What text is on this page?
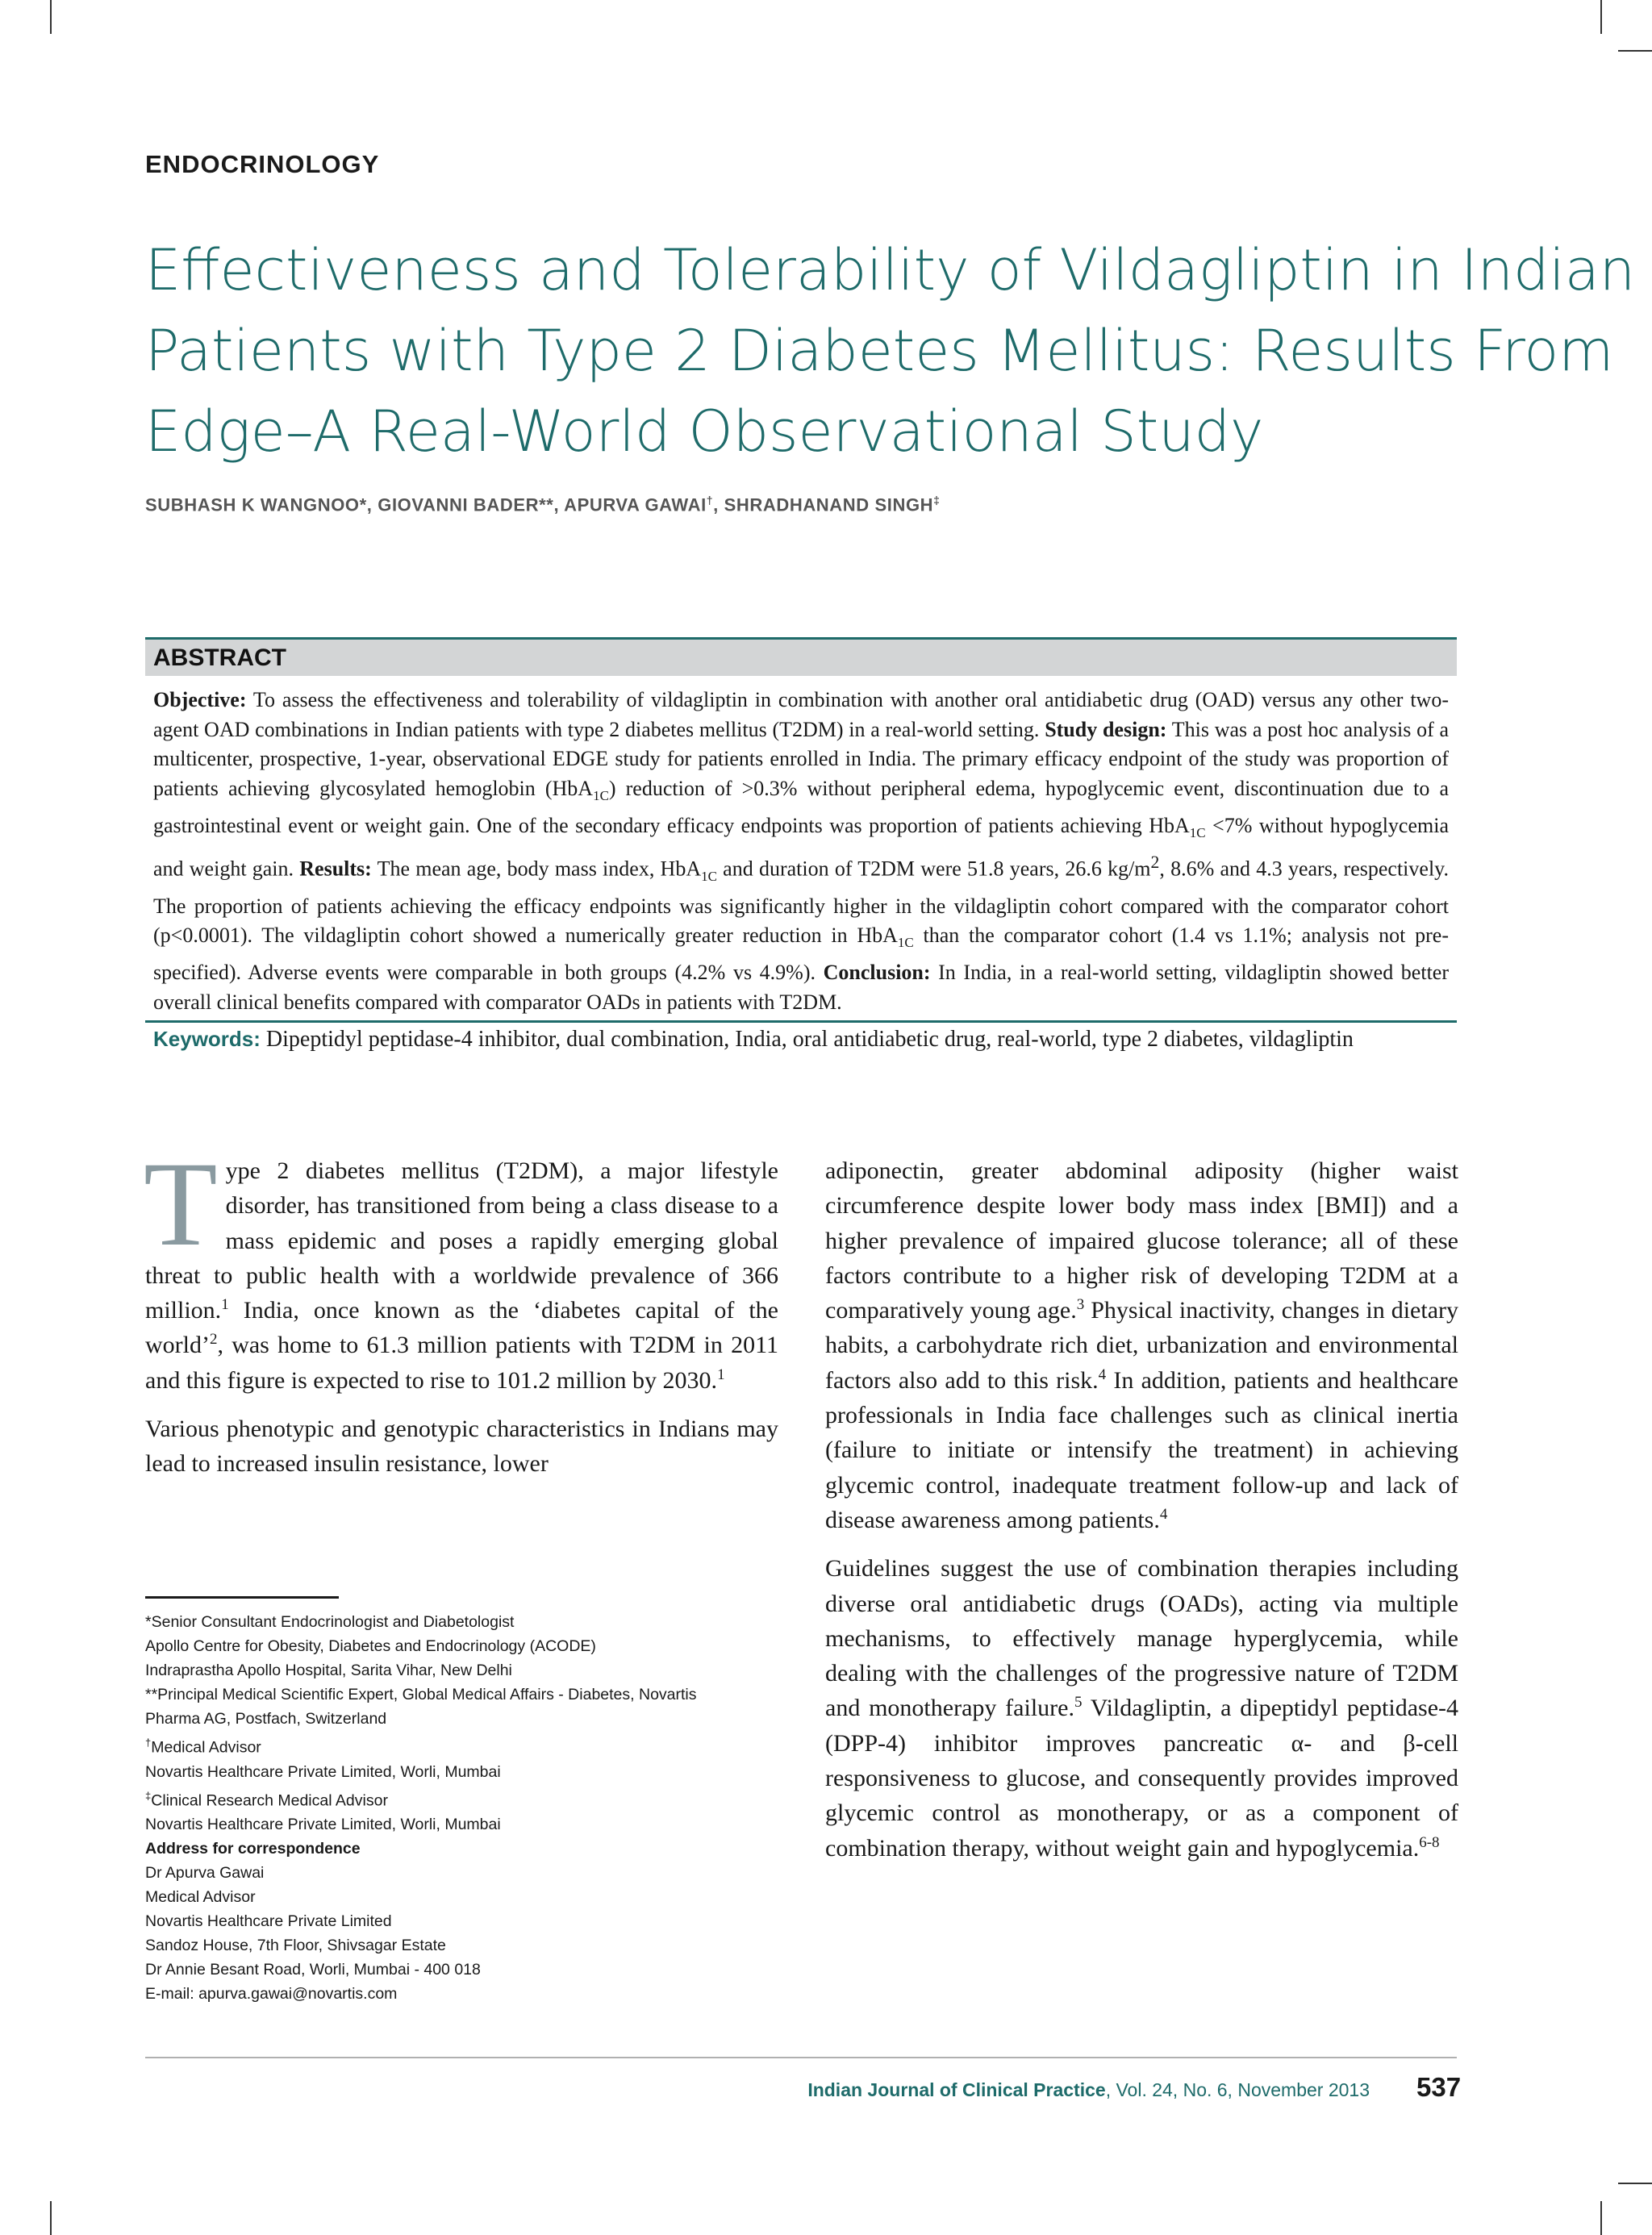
ENDOCRINOLOGY
Effectiveness and Tolerability of Vildagliptin in Indian
Patients with Type 2 Diabetes Mellitus: Results From
Edge–A Real-World Observational Study
SUBHASH K WANGNOO*, GIOVANNI BADER**, APURVA GAWAI†, SHRADHANAND SINGH‡
ABSTRACT
Objective: To assess the effectiveness and tolerability of vildagliptin in combination with another oral antidiabetic drug (OAD) versus any other two-agent OAD combinations in Indian patients with type 2 diabetes mellitus (T2DM) in a real-world setting. Study design: This was a post hoc analysis of a multicenter, prospective, 1-year, observational EDGE study for patients enrolled in India. The primary efficacy endpoint of the study was proportion of patients achieving glycosylated hemoglobin (HbA$_{1C}$) reduction of >0.3% without peripheral edema, hypoglycemic event, discontinuation due to a gastrointestinal event or weight gain. One of the secondary efficacy endpoints was proportion of patients achieving HbA$_{1C}$ <7% without hypoglycemia and weight gain. Results: The mean age, body mass index, HbA$_{1C}$ and duration of T2DM were 51.8 years, 26.6 $kg/m^2$, 8.6% and 4.3 years, respectively. The proportion of patients achieving the efficacy endpoints was significantly higher in the vildagliptin cohort compared with the comparator cohort (p<0.0001). The vildagliptin cohort showed a numerically greater reduction in HbA$_{1C}$ than the comparator cohort (1.4 vs 1.1%; analysis not pre-specified). Adverse events were comparable in both groups (4.2% vs 4.9%). Conclusion: In India, in a real-world setting, vildagliptin showed better overall clinical benefits compared with comparator OADs in patients with T2DM.
Keywords: Dipeptidyl peptidase-4 inhibitor, dual combination, India, oral antidiabetic drug, real-world, type 2 diabetes, vildagliptin

Type 2 diabetes mellitus (T2DM), a major lifestyle disorder, has transitioned from being a class disease to a mass epidemic and poses a rapidly emerging global threat to public health with a worldwide prevalence of 366 million.$^1$ India, once known as the ‘diabetes capital of the world’$^2$, was home to 61.3 million patients with T2DM in 2011 and this figure is expected to rise to 101.2 million by 2030.$^1$

Various phenotypic and genotypic characteristics in Indians may lead to increased insulin resistance, lower

adiponectin, greater abdominal adiposity (higher waist circumference despite lower body mass index [BMI]) and a higher prevalence of impaired glucose tolerance; all of these factors contribute to a higher risk of developing T2DM at a comparatively young age.$^3$ Physical inactivity, changes in dietary habits, a carbohydrate rich diet, urbanization and environmental factors also add to this risk.$^4$ In addition, patients and healthcare professionals in India face challenges such as clinical inertia (failure to initiate or intensify the treatment) in achieving glycemic control, inadequate treatment follow-up and lack of disease awareness among patients.$^4$

Guidelines suggest the use of combination therapies including diverse oral antidiabetic drugs (OADs), acting via multiple mechanisms, to effectively manage hyperglycemia, while dealing with the challenges of the progressive nature of T2DM and monotherapy failure.$^5$ Vildagliptin, a dipeptidyl peptidase-4 (DPP-4) inhibitor improves pancreatic α- and β-cell responsiveness to glucose, and consequently provides improved glycemic control as monotherapy, or as a component of combination therapy, without weight gain and hypoglycemia.$^{6-8}$

*Senior Consultant Endocrinologist and Diabetologist
Apollo Centre for Obesity, Diabetes and Endocrinology (ACODE)
Indraprastha Apollo Hospital, Sarita Vihar, New Delhi
**Principal Medical Scientific Expert, Global Medical Affairs - Diabetes, Novartis
Pharma AG, Postfach, Switzerland
†Medical Advisor
Novartis Healthcare Private Limited, Worli, Mumbai
‡Clinical Research Medical Advisor
Novartis Healthcare Private Limited, Worli, Mumbai
Address for correspondence
Dr Apurva Gawai
Medical Advisor
Novartis Healthcare Private Limited
Sandoz House, 7th Floor, Shivsagar Estate
Dr Annie Besant Road, Worli, Mumbai - 400 018
E-mail: apurva.gawai@novartis.com
Indian Journal of Clinical Practice, Vol. 24, No. 6, November 2013 537
